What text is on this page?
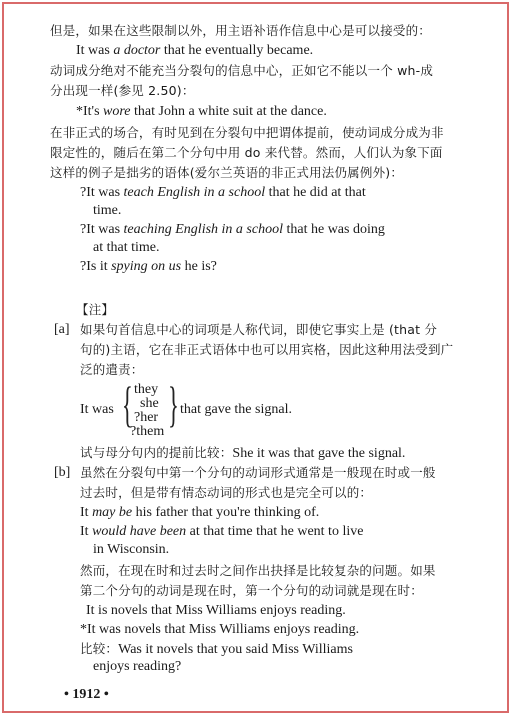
但是，如果在这些限制以外，用主语补语作信息中心是可以接受的：
It was a doctor that he eventually became.
动词成分绝对不能充当分裂句的信息中心，正如它不能以一个 wh-成
分出现一样(参见 2.50)：
*It's wore that John a white suit at the dance.
在非正式的场合，有时见到在分裂句中把谓体提前，使动词成分成为非
限定性的，随后在第二个分句中用 do 来代替。然而，人们认为象下面
这样的例子是拙劣的语体(爱尔兰英语的非正式用法仍属例外)：
?It was teach English in a school that he did at that
time.
?It was teaching English in a school that he was doing
at that time.
?Is it spying on us he is?
【注】
[a] 如果句首信息中心的词项是人称代词，即使它事实上是 (that 分
句的)主语，它在非正式语体中也可以用宾格，因此这种用法受到广
泛的遣责：
It was { they
she
?her
?them } that gave the signal.
试与母分句内的提前比较：She it was that gave the signal.
[b] 虽然在分裂句中第一个分句的动词形式通常是一般现在时或一般
过去时，但是带有情态动词的形式也是完全可以的：
It may be his father that you're thinking of.
It would have been at that time that he went to live
in Wisconsin.
然而，在现在时和过去时之间作出抉择是比较复杂的问题。如果
第二个分句的动词是现在时，第一个分句的动词就是现在时：
It is novels that Miss Williams enjoys reading.
*It was novels that Miss Williams enjoys reading.
比较：Was it novels that you said Miss Williams
enjoys reading?
• 1912 •
